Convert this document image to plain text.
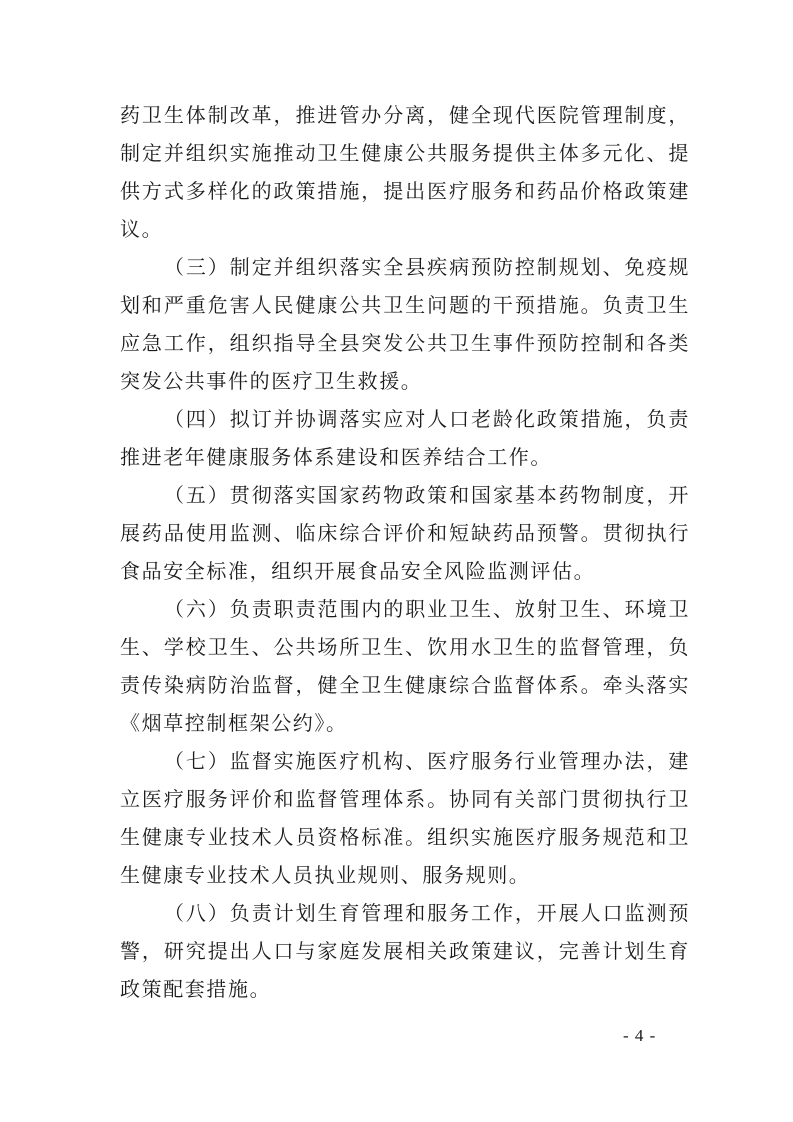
药卫生体制改革，推进管办分离，健全现代医院管理制度，制定并组织实施推动卫生健康公共服务提供主体多元化、提供方式多样化的政策措施，提出医疗服务和药品价格政策建议。

（三）制定并组织落实全县疾病预防控制规划、免疫规划和严重危害人民健康公共卫生问题的干预措施。负责卫生应急工作，组织指导全县突发公共卫生事件预防控制和各类突发公共事件的医疗卫生救援。

（四）拟订并协调落实应对人口老龄化政策措施，负责推进老年健康服务体系建设和医养结合工作。

（五）贯彻落实国家药物政策和国家基本药物制度，开展药品使用监测、临床综合评价和短缺药品预警。贯彻执行食品安全标准，组织开展食品安全风险监测评估。

（六）负责职责范围内的职业卫生、放射卫生、环境卫生、学校卫生、公共场所卫生、饮用水卫生的监督管理，负责传染病防治监督，健全卫生健康综合监督体系。牵头落实《烟草控制框架公约》。

（七）监督实施医疗机构、医疗服务行业管理办法，建立医疗服务评价和监督管理体系。协同有关部门贯彻执行卫生健康专业技术人员资格标准。组织实施医疗服务规范和卫生健康专业技术人员执业规则、服务规则。

（八）负责计划生育管理和服务工作，开展人口监测预警，研究提出人口与家庭发展相关政策建议，完善计划生育政策配套措施。

- 4 -
